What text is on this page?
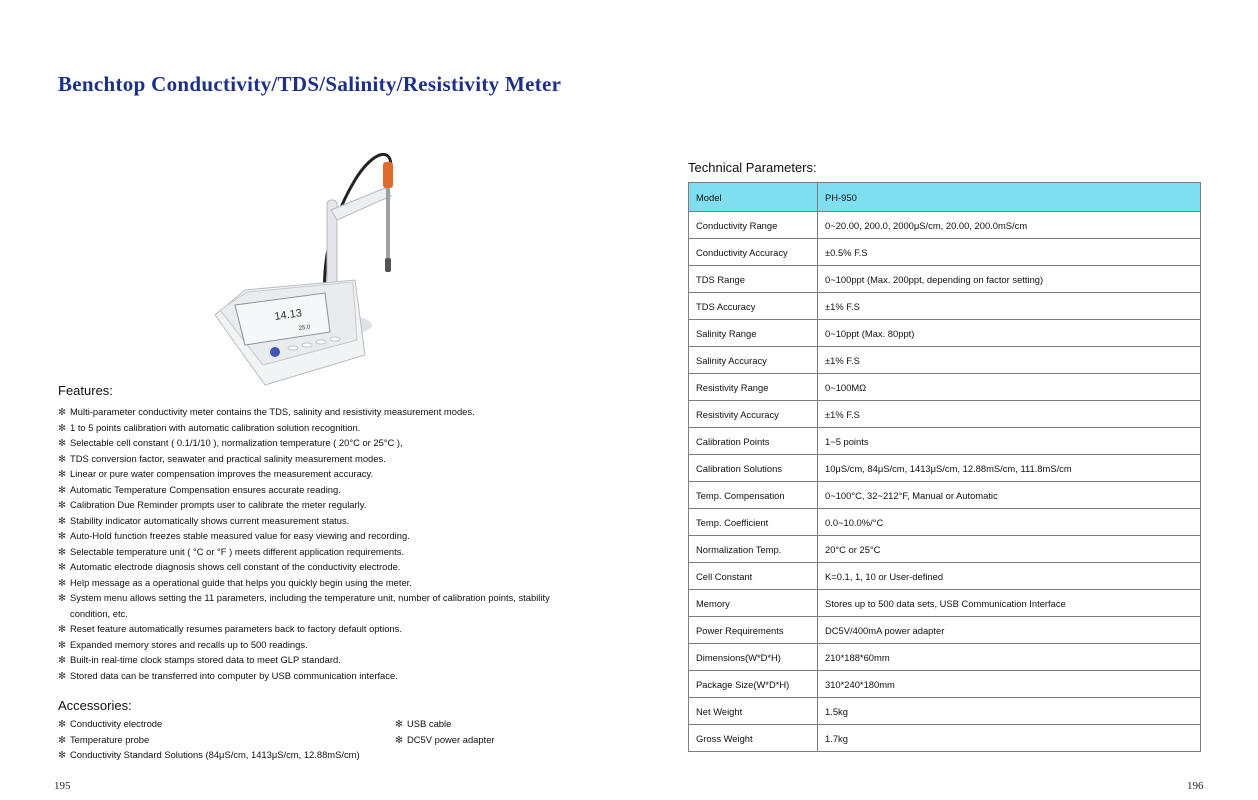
Benchtop Conductivity/TDS/Salinity/Resistivity Meter
14.13
25.0
Features:
✻ Multi-parameter conductivity meter contains the TDS, salinity and resistivity measurement modes.
✻ 1 to 5 points calibration with automatic calibration solution recognition.
✻ Selectable cell constant ( 0.1/1/10 ), normalization temperature ( 20°C or 25°C ),
✻ TDS conversion factor, seawater and practical salinity measurement modes.
✻ Linear or pure water compensation improves the measurement accuracy.
✻ Automatic Temperature Compensation ensures accurate reading.
✻ Calibration Due Reminder prompts user to calibrate the meter regularly.
✻ Stability indicator automatically shows current measurement status.
✻ Auto-Hold function freezes stable measured value for easy viewing and recording.
✻ Selectable temperature unit ( °C or °F ) meets different application requirements.
✻ Automatic electrode diagnosis shows cell constant of the conductivity electrode.
✻ Help message as a operational guide that helps you quickly begin using the meter.
✻ System menu allows setting the 11 parameters, including the temperature unit, number of calibration points, stability condition, etc.
✻ Reset feature automatically resumes parameters back to factory default options.
✻ Expanded memory stores and recalls up to 500 readings.
✻ Built-in real-time clock stamps stored data to meet GLP standard.
✻ Stored data can be transferred into computer by USB communication interface.
Accessories:
✻ Conductivity electrode
✻ Temperature probe
✻ Conductivity Standard Solutions (84μS/cm, 1413μS/cm, 12.88mS/cm)
✻ USB cable
✻ DC5V power adapter
195	196
Technical Parameters:
Model	PH-950
Conductivity Range	0~20.00, 200.0, 2000μS/cm, 20.00, 200.0mS/cm
Conductivity Accuracy	±0.5% F.S
TDS Range	0~100ppt (Max. 200ppt, depending on factor setting)
TDS Accuracy	±1% F.S
Salinity Range	0~10ppt (Max. 80ppt)
Salinity Accuracy	±1% F.S
Resistivity Range	0~100MΩ
Resistivity Accuracy	±1% F.S
Calibration Points	1~5 points
Calibration Solutions	10μS/cm, 84μS/cm, 1413μS/cm, 12.88mS/cm, 111.8mS/cm
Temp. Compensation	0~100°C, 32~212°F, Manual or Automatic
Temp. Coefficient	0.0~10.0%/°C
Normalization Temp.	20°C or 25°C
Cell Constant	K=0.1, 1, 10 or User-defined
Memory	Stores up to 500 data sets, USB Communication Interface
Power Requirements	DC5V/400mA power adapter
Dimensions(W*D*H)	210*188*60mm
Package Size(W*D*H)	310*240*180mm
Net Weight	1.5kg
Gross Weight	1.7kg
